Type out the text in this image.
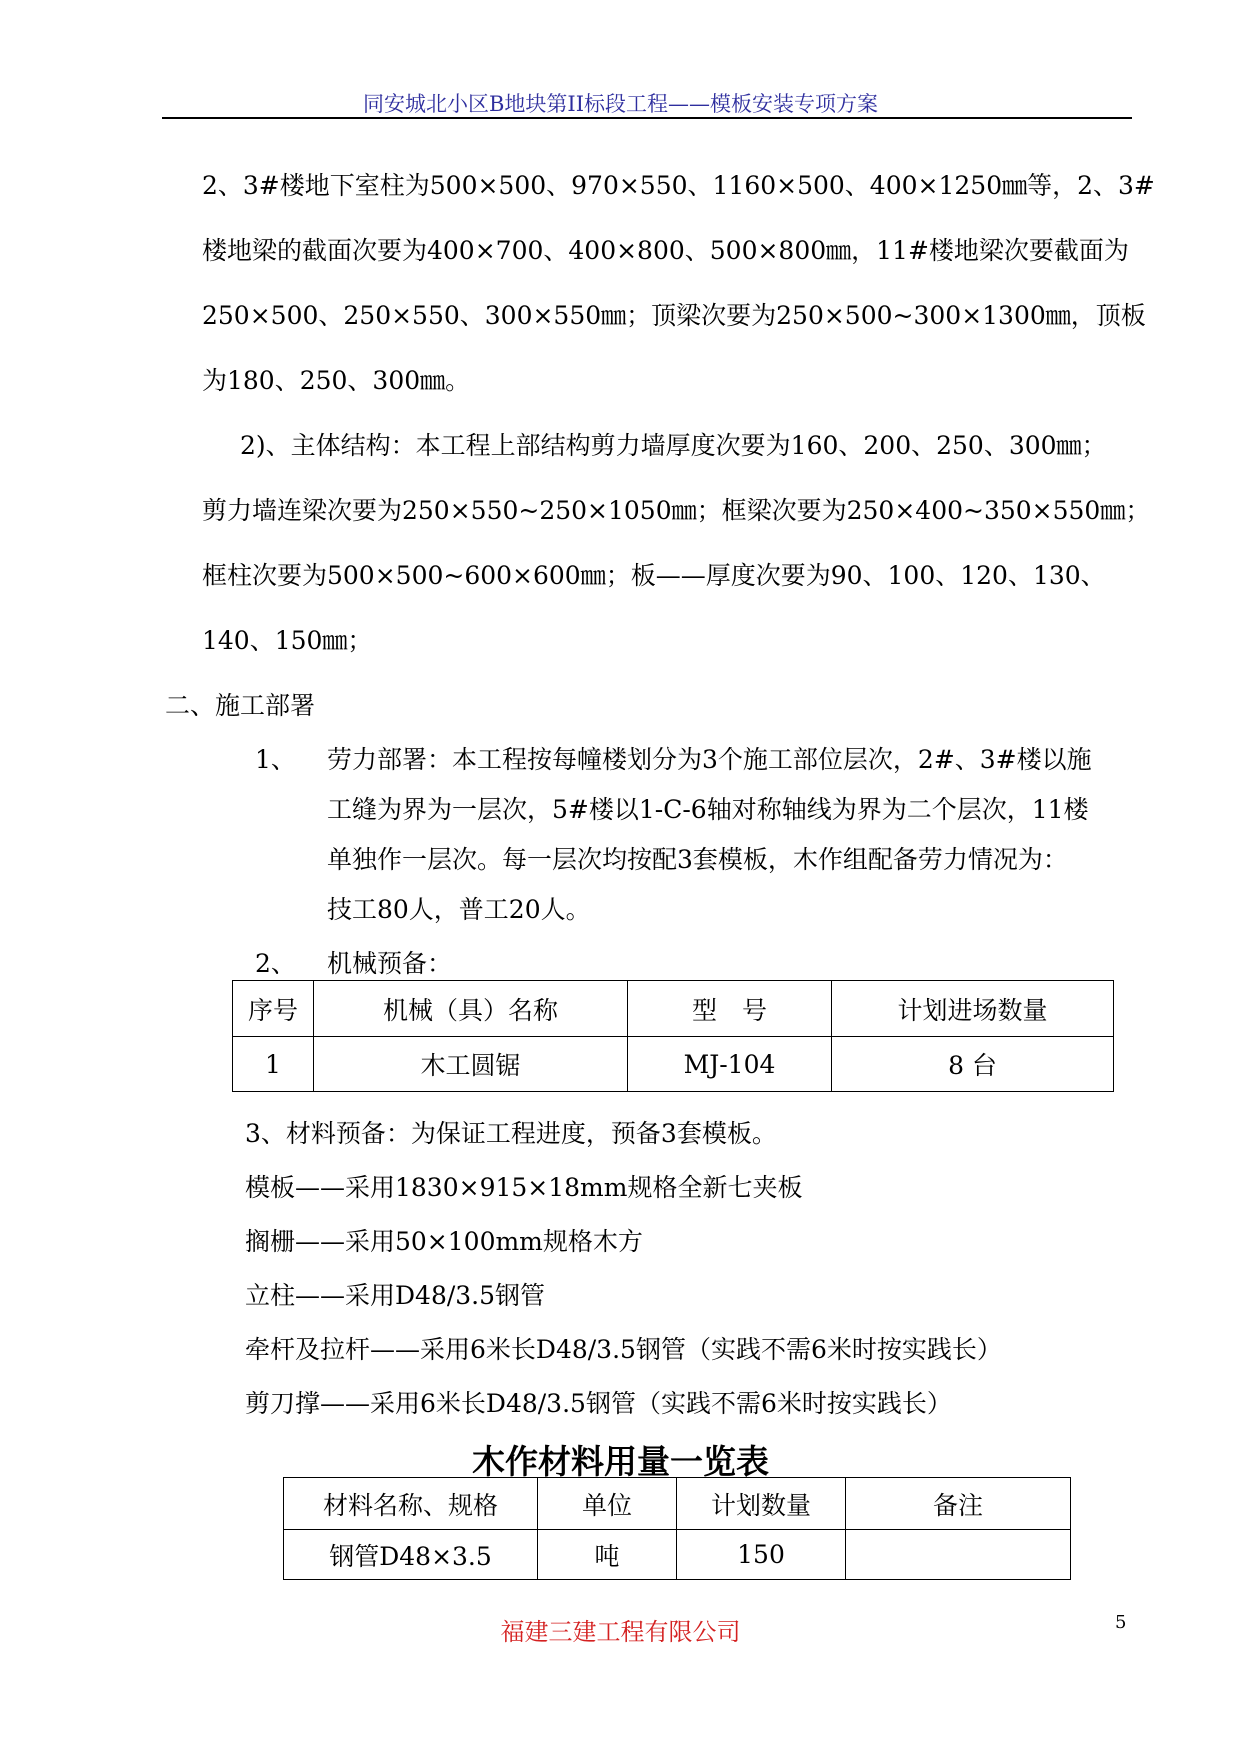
同安城北小区B地块第II标段工程——模板安装专项方案
2、3#楼地下室柱为500×500、970×550、1160×500、400×1250㎜等，2、3#
楼地梁的截面次要为400×700、400×800、500×800㎜，11#楼地梁次要截面为
250×500、250×550、300×550㎜；顶梁次要为250×500~300×1300㎜，顶板
为180、250、300㎜。
2)、主体结构：本工程上部结构剪力墙厚度次要为160、200、250、300㎜；
剪力墙连梁次要为250×550~250×1050㎜；框梁次要为250×400~350×550㎜；
框柱次要为500×500~600×600㎜；板——厚度次要为90、100、120、130、
140、150㎜；
二、施工部署
1、 劳力部署：本工程按每幢楼划分为3个施工部位层次，2#、3#楼以施
工缝为界为一层次，5#楼以1-C-6轴对称轴线为界为二个层次，11楼
单独作一层次。每一层次均按配3套模板，木作组配备劳力情况为：
技工80人，普工20人。
2、 机械预备：
序号	机械（具）名称	型　号	计划进场数量
1	木工圆锯	MJ-104	8 台
3、材料预备：为保证工程进度，预备3套模板。
模板——采用1830×915×18mm规格全新七夹板
搁栅——采用50×100mm规格木方
立柱——采用D48/3.5钢管
牵杆及拉杆——采用6米长D48/3.5钢管（实践不需6米时按实践长）
剪刀撑——采用6米长D48/3.5钢管（实践不需6米时按实践长）
木作材料用量一览表
材料名称、规格	单位	计划数量	备注
钢管D48×3.5	吨	150	
福建三建工程有限公司	5
